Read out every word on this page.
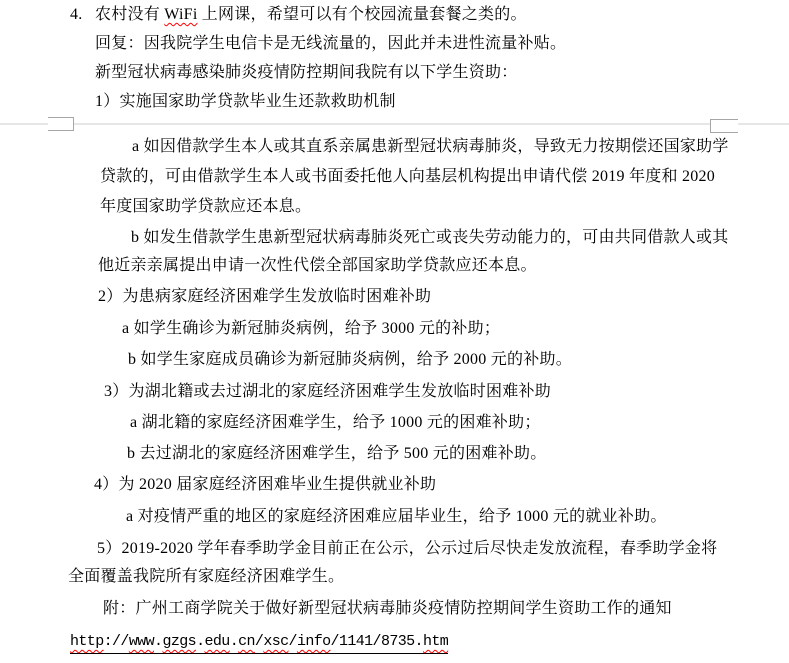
4. 农村没有 WiFi 上网课，希望可以有个校园流量套餐之类的。
回复：因我院学生电信卡是无线流量的，因此并未进性流量补贴。
新型冠状病毒感染肺炎疫情防控期间我院有以下学生资助：
1）实施国家助学贷款毕业生还款救助机制
a 如因借款学生本人或其直系亲属患新型冠状病毒肺炎，导致无力按期偿还国家助学
贷款的，可由借款学生本人或书面委托他人向基层机构提出申请代偿 2019 年度和 2020
年度国家助学贷款应还本息。
b 如发生借款学生患新型冠状病毒肺炎死亡或丧失劳动能力的，可由共同借款人或其
他近亲亲属提出申请一次性代偿全部国家助学贷款应还本息。
2）为患病家庭经济困难学生发放临时困难补助
a 如学生确诊为新冠肺炎病例，给予 3000 元的补助；
b 如学生家庭成员确诊为新冠肺炎病例，给予 2000 元的补助。
3）为湖北籍或去过湖北的家庭经济困难学生发放临时困难补助
a 湖北籍的家庭经济困难学生，给予 1000 元的困难补助；
b 去过湖北的家庭经济困难学生，给予 500 元的困难补助。
4）为 2020 届家庭经济困难毕业生提供就业补助
a 对疫情严重的地区的家庭经济困难应届毕业生，给予 1000 元的就业补助。
5）2019-2020 学年春季助学金目前正在公示，公示过后尽快走发放流程，春季助学金将
全面覆盖我院所有家庭经济困难学生。
附：广州工商学院关于做好新型冠状病毒肺炎疫情防控期间学生资助工作的通知
http://www.gzgs.edu.cn/xsc/info/1141/8735.htm
